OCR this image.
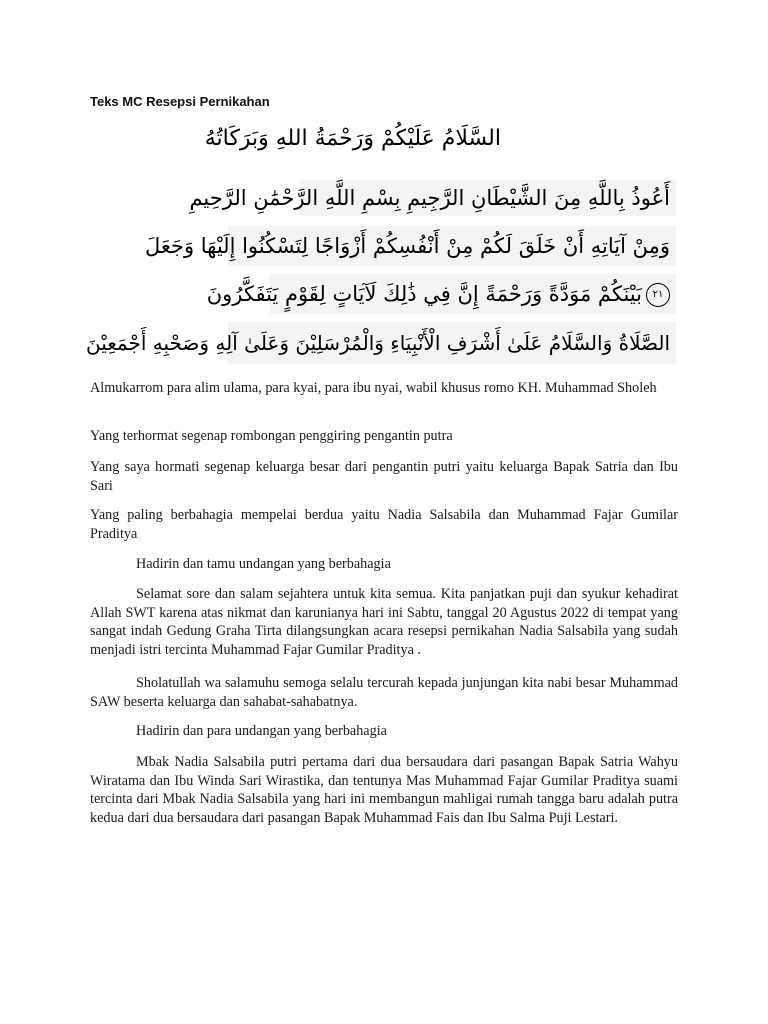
Teks MC Resepsi Pernikahan
السَّلَامُ عَلَيْكُمْ وَرَحْمَةُ اللهِ وَبَرَكَاتُهُ
أَعُوذُ بِاللَّهِ مِنَ الشَّيْطَانِ الرَّجِيمِ بِسْمِ اللَّهِ الرَّحْمَٰنِ الرَّحِيمِ
وَمِنْ آيَاتِهِ أَنْ خَلَقَ لَكُمْ مِنْ أَنْفُسِكُمْ أَزْوَاجًا لِتَسْكُنُوا إِلَيْهَا وَجَعَلَ
٢١بَيْنَكُمْ مَوَدَّةً وَرَحْمَةً إِنَّ فِي ذَٰلِكَ لَآيَاتٍ لِقَوْمٍ يَتَفَكَّرُونَ
الصَّلَاةُ وَالسَّلَامُ عَلَىٰ أَشْرَفِ الْأَنْبِيَاءِ وَالْمُرْسَلِيْنَ وَعَلَىٰ آلِهِ وَصَحْبِهِ أَجْمَعِيْنَ

Almukarrom para alim ulama, para kyai, para ibu nyai, wabil khusus romo KH. Muhammad Sholeh

Yang terhormat segenap rombongan penggiring pengantin putra

Yang saya hormati segenap keluarga besar dari pengantin putri yaitu keluarga Bapak Satria dan Ibu Sari

Yang paling berbahagia mempelai berdua yaitu Nadia Salsabila dan Muhammad Fajar Gumilar Praditya

Hadirin dan tamu undangan yang berbahagia

Selamat sore dan salam sejahtera untuk kita semua. Kita panjatkan puji dan syukur kehadirat Allah SWT karena atas nikmat dan karunianya hari ini Sabtu, tanggal 20 Agustus 2022 di tempat yang sangat indah Gedung Graha Tirta dilangsungkan acara resepsi pernikahan Nadia Salsabila yang sudah menjadi istri tercinta Muhammad Fajar Gumilar Praditya .

Sholatullah wa salamuhu semoga selalu tercurah kepada junjungan kita nabi besar Muhammad SAW beserta keluarga dan sahabat-sahabatnya.

Hadirin dan para undangan yang berbahagia

Mbak Nadia Salsabila putri pertama dari dua bersaudara dari pasangan Bapak Satria Wahyu Wiratama dan Ibu Winda Sari Wirastika, dan tentunya Mas Muhammad Fajar Gumilar Praditya suami tercinta dari Mbak Nadia Salsabila yang hari ini membangun mahligai rumah tangga baru adalah putra kedua dari dua bersaudara dari pasangan Bapak Muhammad Fais dan Ibu Salma Puji Lestari.
